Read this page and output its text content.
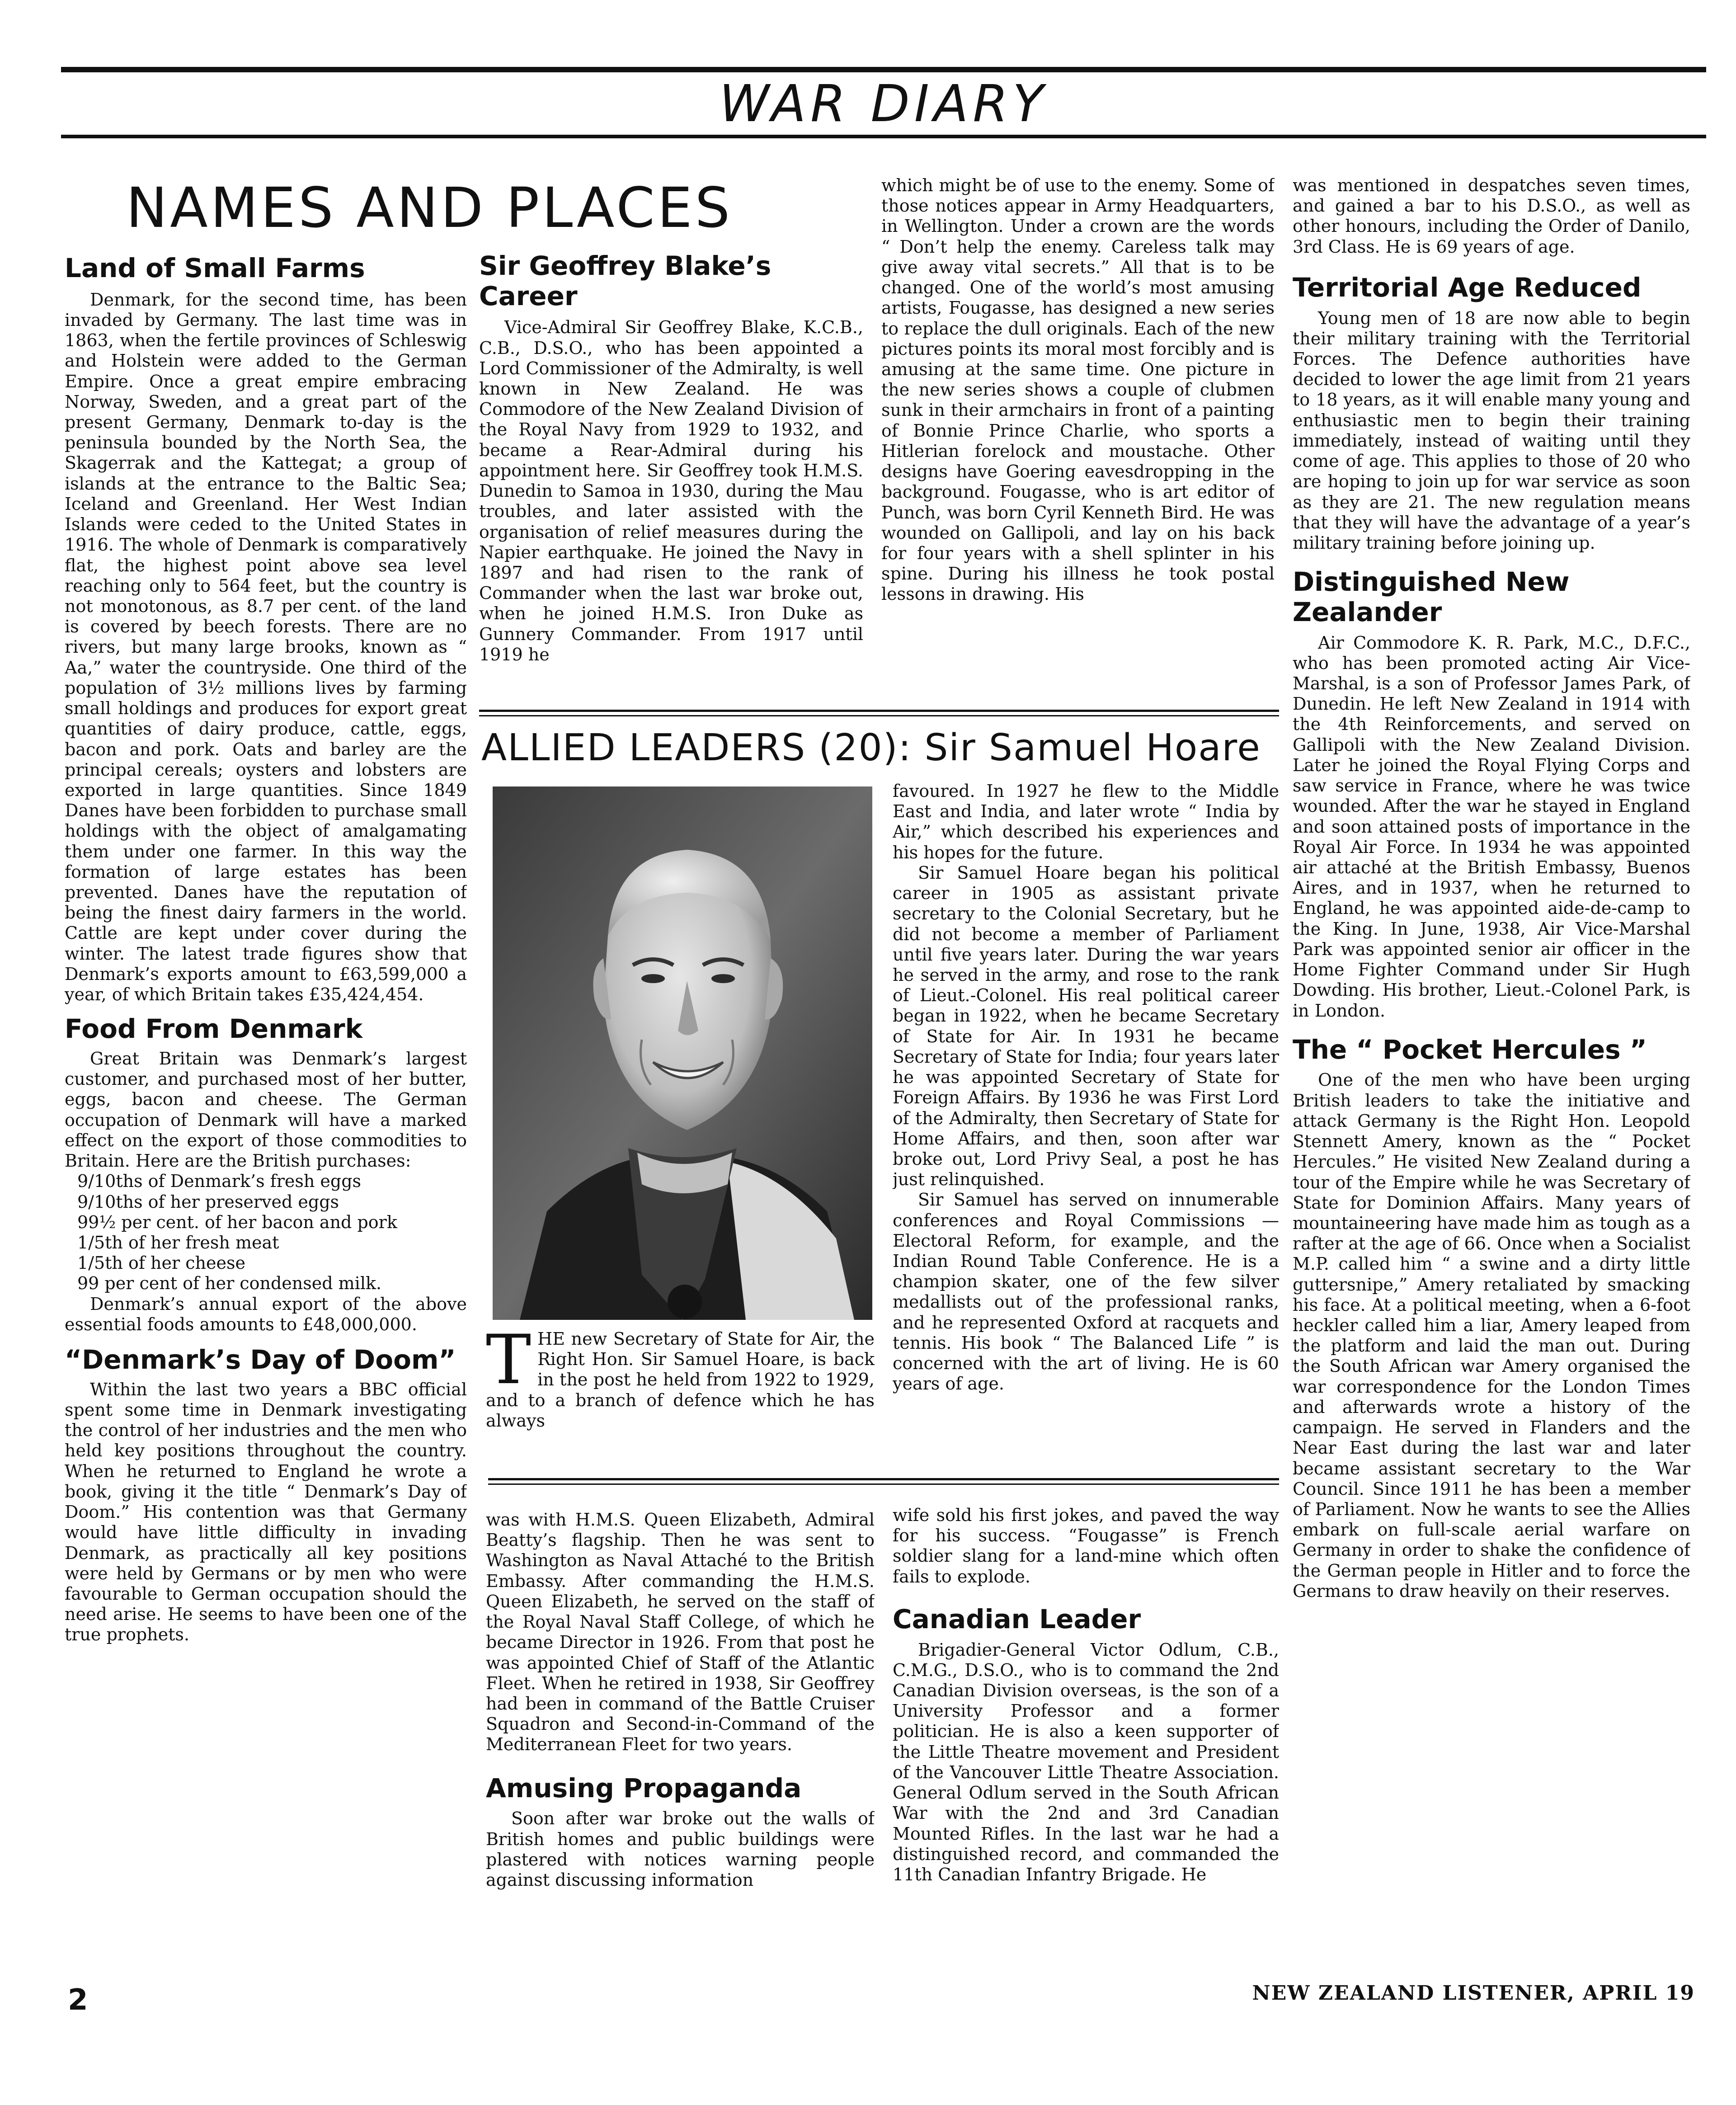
WAR DIARY
NAMES AND PLACES
Land of Small Farms

Denmark, for the second time, has been invaded by Germany. The last time was in 1863, when the fertile provinces of Schleswig and Holstein were added to the German Empire. Once a great empire embracing Norway, Sweden, and a great part of the present Germany, Denmark to-day is the peninsula bounded by the North Sea, the Skagerrak and the Kattegat; a group of islands at the entrance to the Baltic Sea; Iceland and Greenland. Her West Indian Islands were ceded to the United States in 1916. The whole of Denmark is comparatively flat, the highest point above sea level reaching only to 564 feet, but the country is not monotonous, as 8.7 per cent. of the land is covered by beech forests. There are no rivers, but many large brooks, known as “ Aa,” water the countryside. One third of the population of 3½ millions lives by farming small holdings and produces for export great quantities of dairy produce, cattle, eggs, bacon and pork. Oats and barley are the principal cereals; oysters and lobsters are exported in large quantities. Since 1849 Danes have been forbidden to purchase small holdings with the object of amalgamating them under one farmer. In this way the formation of large estates has been prevented. Danes have the reputation of being the finest dairy farmers in the world. Cattle are kept under cover during the winter. The latest trade figures show that Denmark’s exports amount to £63,599,000 a year, of which Britain takes £35,424,454.

Food From Denmark

Great Britain was Denmark’s largest customer, and purchased most of her butter, eggs, bacon and cheese. The German occupation of Denmark will have a marked effect on the export of those commodities to Britain. Here are the British purchases:

9/10ths of Denmark’s fresh eggs
9/10ths of her preserved eggs
99½ per cent. of her bacon and pork
1/5th of her fresh meat
1/5th of her cheese
99 per cent of her condensed milk.

Denmark’s annual export of the above essential foods amounts to £48,000,000.

“Denmark’s Day of Doom”

Within the last two years a BBC official spent some time in Denmark investigating the control of her industries and the men who held key positions throughout the country. When he returned to England he wrote a book, giving it the title “ Denmark’s Day of Doom.” His contention was that Germany would have little difficulty in invading Denmark, as practically all key positions were held by Germans or by men who were favourable to German occupation should the need arise. He seems to have been one of the true prophets.

Sir Geoffrey Blake’s Career

Vice-Admiral Sir Geoffrey Blake, K.C.B., C.B., D.S.O., who has been appointed a Lord Commissioner of the Admiralty, is well known in New Zealand. He was Commodore of the New Zealand Division of the Royal Navy from 1929 to 1932, and became a Rear-Admiral during his appointment here. Sir Geoffrey took H.M.S. Dunedin to Samoa in 1930, during the Mau troubles, and later assisted with the organisation of relief measures during the Napier earthquake. He joined the Navy in 1897 and had risen to the rank of Commander when the last war broke out, when he joined H.M.S. Iron Duke as Gunnery Commander. From 1917 until 1919 he

which might be of use to the enemy. Some of those notices appear in Army Headquarters, in Wellington. Under a crown are the words “ Don’t help the enemy. Careless talk may give away vital secrets.” All that is to be changed. One of the world’s most amusing artists, Fougasse, has designed a new series to replace the dull originals. Each of the new pictures points its moral most forcibly and is amusing at the same time. One picture in the new series shows a couple of clubmen sunk in their armchairs in front of a painting of Bonnie Prince Charlie, who sports a Hitlerian forelock and moustache. Other designs have Goering eavesdropping in the background. Fougasse, who is art editor of Punch, was born Cyril Kenneth Bird. He was wounded on Gallipoli, and lay on his back for four years with a shell splinter in his spine. During his illness he took postal lessons in drawing. His

was mentioned in despatches seven times, and gained a bar to his D.S.O., as well as other honours, including the Order of Danilo, 3rd Class. He is 69 years of age.

Territorial Age Reduced

Young men of 18 are now able to begin their military training with the Territorial Forces. The Defence authorities have decided to lower the age limit from 21 years to 18 years, as it will enable many young and enthusiastic men to begin their training immediately, instead of waiting until they come of age. This applies to those of 20 who are hoping to join up for war service as soon as they are 21. The new regulation means that they will have the advantage of a year’s military training before joining up.

Distinguished New Zealander

Air Commodore K. R. Park, M.C., D.F.C., who has been promoted acting Air Vice-Marshal, is a son of Professor James Park, of Dunedin. He left New Zealand in 1914 with the 4th Reinforcements, and served on Gallipoli with the New Zealand Division. Later he joined the Royal Flying Corps and saw service in France, where he was twice wounded. After the war he stayed in England and soon attained posts of importance in the Royal Air Force. In 1934 he was appointed air attaché at the British Embassy, Buenos Aires, and in 1937, when he returned to England, he was appointed aide-de-camp to the King. In June, 1938, Air Vice-Marshal Park was appointed senior air officer in the Home Fighter Command under Sir Hugh Dowding. His brother, Lieut.-Colonel Park, is in London.

The “ Pocket Hercules ”

One of the men who have been urging British leaders to take the initiative and attack Germany is the Right Hon. Leopold Stennett Amery, known as the “ Pocket Hercules.” He visited New Zealand during a tour of the Empire while he was Secretary of State for Dominion Affairs. Many years of mountaineering have made him as tough as a rafter at the age of 66. Once when a Socialist M.P. called him “ a swine and a dirty little guttersnipe,” Amery retaliated by smacking his face. At a political meeting, when a 6-foot heckler called him a liar, Amery leaped from the platform and laid the man out. During the South African war Amery organised the war correspondence for the London Times and afterwards wrote a history of the campaign. He served in Flanders and the Near East during the last war and later became assistant secretary to the War Council. Since 1911 he has been a member of Parliament. Now he wants to see the Allies embark on full-scale aerial warfare on Germany in order to shake the confidence of the German people in Hitler and to force the Germans to draw heavily on their reserves.

ALLIED LEADERS (20): Sir Samuel Hoare
T HE new Secretary of State for Air, the Right Hon. Sir Samuel Hoare, is back in the post he held from 1922 to 1929, and to a branch of defence which he has always

favoured. In 1927 he flew to the Middle East and India, and later wrote “ India by Air,” which described his experiences and his hopes for the future.

Sir Samuel Hoare began his political career in 1905 as assistant private secretary to the Colonial Secretary, but he did not become a member of Parliament until five years later. During the war years he served in the army, and rose to the rank of Lieut.-Colonel. His real political career began in 1922, when he became Secretary of State for Air. In 1931 he became Secretary of State for India; four years later he was appointed Secretary of State for Foreign Affairs. By 1936 he was First Lord of the Admiralty, then Secretary of State for Home Affairs, and then, soon after war broke out, Lord Privy Seal, a post he has just relinquished.

Sir Samuel has served on innumerable conferences and Royal Commissions — Electoral Reform, for example, and the Indian Round Table Conference. He is a champion skater, one of the few silver medallists out of the professional ranks, and he represented Oxford at racquets and tennis. His book “ The Balanced Life ” is concerned with the art of living. He is 60 years of age.

was with H.M.S. Queen Elizabeth, Admiral Beatty’s flagship. Then he was sent to Washington as Naval Attaché to the British Embassy. After commanding the H.M.S. Queen Elizabeth, he served on the staff of the Royal Naval Staff College, of which he became Director in 1926. From that post he was appointed Chief of Staff of the Atlantic Fleet. When he retired in 1938, Sir Geoffrey had been in command of the Battle Cruiser Squadron and Second-in-Command of the Mediterranean Fleet for two years.

Amusing Propaganda

Soon after war broke out the walls of British homes and public buildings were plastered with notices warning people against discussing information

wife sold his first jokes, and paved the way for his success. “Fougasse” is French soldier slang for a land-mine which often fails to explode.

Canadian Leader

Brigadier-General Victor Odlum, C.B., C.M.G., D.S.O., who is to command the 2nd Canadian Division overseas, is the son of a University Professor and a former politician. He is also a keen supporter of the Little Theatre movement and President of the Vancouver Little Theatre Association. General Odlum served in the South African War with the 2nd and 3rd Canadian Mounted Rifles. In the last war he had a distinguished record, and commanded the 11th Canadian Infantry Brigade. He

2	NEW ZEALAND LISTENER, APRIL 19
